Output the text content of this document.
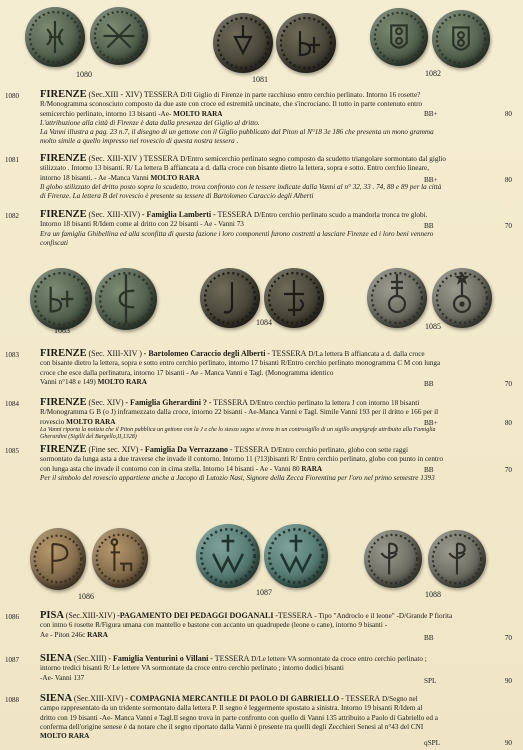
1080
1081
1082
1080 FIRENZE (Sec.XIII - XIV) TESSERA D/Il Giglio di Firenze in parte racchiuso entro cerchio perlinato. Intorno 16 rosette?
R/Monogramma sconosciuto composto da due aste con croce ed estremità uncinate, che s'incrociano. Il tutto in parte contenuto entro
semicerchio perlinato, intorno 13 bisanti -Ae- MOLTO RARA
L'attribuzione alla città di Firenze è data dalla presenza del Giglio al dritto.
La Vanni illustra a pag. 23 n.7, il disegno di un gettone con il Giglio pubblicato dal Piton al N°18 3e 186 che presenta un mono gramma
molto simile a quello impresso nel rovescio di questa nostra tessera .
BB+	80
1081 FIRENZE (Sec. XIII-XIV ) TESSERA D/Entro semicerchio perlinato segno composto da scudetto triangolare sormontato dal giglio
stilizzato . Intorno 13 bisanti. R/ La lettera B affiancata a d. dalla croce con bisante dietro la lettera, sopra e sotto. Entro cerchio lineare,
intorno 18 bisanti. - Ae -Manca Vanni MOLTO RARA
Il globo stilizzato del dritto posto sopra lo scudetto, trova confronto con le tessere indicate dalla Vanni al n° 32, 33 . 74, 88 e 89 per la città
di Firenze. La lettera B del rovescio è presente su tessere di Bartolomeo Caraccio degli Alberti
BB+	80
1082 FIRENZE (Sec. XIII-XIV) - Famiglia Lamberti - TESSERA D/Entro cerchio perlinato scudo a mandorla tronca tre globi.
Intorno 18 bisanti R/Idem come al dritto con 22 bisanti - Ae - Vanni 73
Era un famiglia Ghibellina ed alla sconfitta di questa fazione i loro componenti furono costretti a lasciare Firenze ed i loro beni vennero
confiscati
BB	70
1083
1084	1085
1083 FIRENZE (Sec. XIII-XIV ) - Bartolomeo Caraccio degli Alberti - TESSERA D/La lettera B affiancata a d. dalla croce
con bisante dietro la lettera, sopra e sotto entro cerchio perlinato, intorno 17 bisanti R/Entro cerchio perlinato monogramma C M con lunga
croce che esce dalla perlinatura, intorno 17 bisanti - Ae - Manca Vanni e Tagl. (Monogramma identico
Vanni n°148 e 149) MOLTO RARA	BB	70
1084 FIRENZE (Sec. XIV) - Famiglia Gherardini ? - TESSERA D/Entro cerchio perlinato la lettera J con intorno 18 bisanti
R/Monogramma G B (o J) inframezzato dalla croce, intorno 22 bisanti - Ae-Manca Vanni e Tagl. Simile Vanni 193 per il dritto e 166 per il
rovescio MOLTO RARA
La Vanni riporta la notizia che il Piton pubblica un gettone con la J e che lo stesso segno si trova in un controsigillo di un sigillo anepigrafe attribuito alla Famiglia
Gherardini (Sigilli del Bargello,II,1328)
BB+	80
1085 FIRENZE (Fine sec. XIV) - Famiglia Da Verrazzano - TESSERA D/Entro cerchio perlinato, globo con sette raggi
sormontato da lunga asta a due traverse che invade il contorno. Intorno 11 (?13)bisanti R/ Entro cerchio perlinato, globo con punto in centro
con lunga asta che invade il contorno con in cima stella. Intorno 14 bisanti - Ae - Vanni 80 RARA
Per il simbolo del rovescio appartiene anche a Jacopo di Lutozio Nasi, Signore della Zecca Fiorentina per l'oro nel primo semestre 1393
BB	70
1086	1087	1088
1086 PISA (Sec.XIII-XIV) -PAGAMENTO DEI PEDAGGI DOGANALI -TESSERA - Tipo "Androclo e il leone" -D/Grande P fiorita
con intno 6 rosette R/Figura umana con mantello e bastone con accanto un quadrupede (leone o cane), intorno 9 bisanti -
Ae - Piton 246c RARA	BB	70
1087 SIENA (Sec.XIII) - Famiglia Venturini o Villani - TESSERA D/Le lettere VA sormontate da croce entro cerchio perlinato ;
intorno tredici bisanti R/ Le lettere VA sormontate da croce entro cerchio perlinato ; intorno dodici bisanti
-Ae- Vanni 137	SPL	90
1088 SIENA (Sec.XIII-XIV) - COMPAGNIA MERCANTILE DI PAOLO DI GABRIELLO - TESSERA D/Segno nel
campo rappresentato da un tridente sormontato dalla lettera P. Il segno è leggermente spostato a sinistra. Intorno 19 bisanti R/Idem al
dritto con 19 bisanti -Ae- Manca Vanni e Tagl.Il segno trova in parte confronto con quello di Vanni 135 attribuito a Paolo di Gabriello ed a
conferma dell'origine senese è da notare che il segno riportato dalla Vanni è presente tra quelli degli Zecchieri Senesi al n°43 del CNI
MOLTO RARA
qSPL	90
